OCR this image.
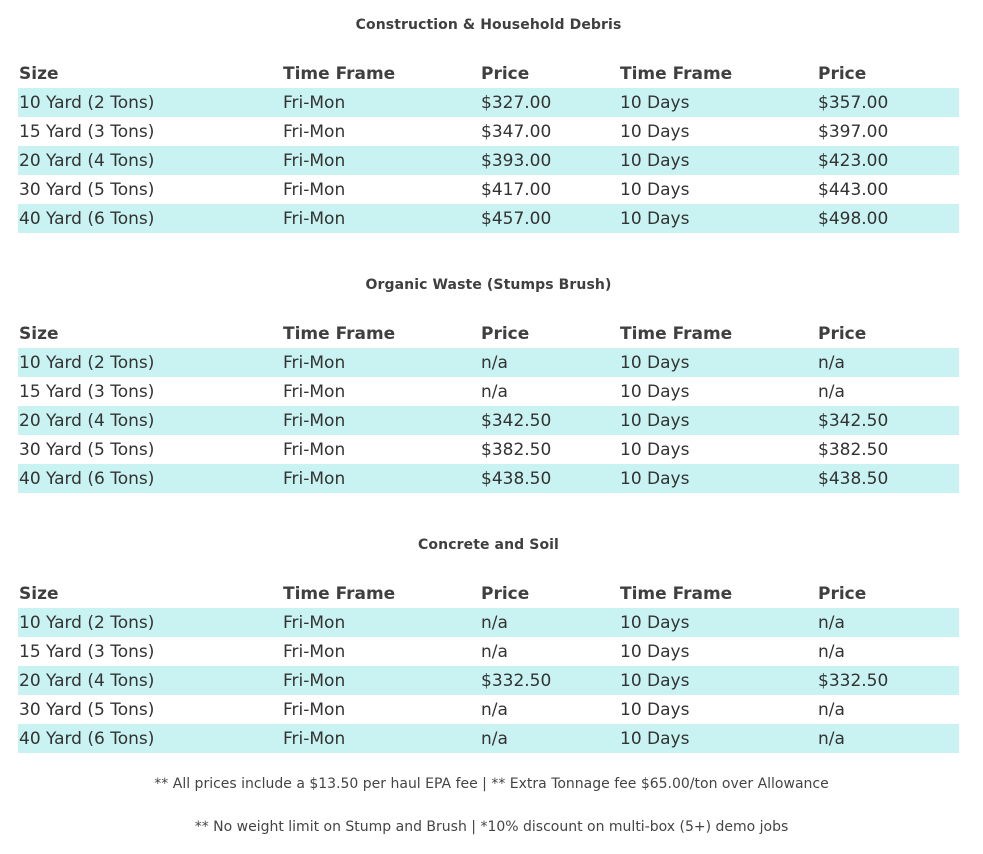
Construction & Household Debris
Size	Time Frame	Price	Time Frame	Price
10 Yard (2 Tons)	Fri-Mon	$327.00	10 Days	$357.00
15 Yard (3 Tons)	Fri-Mon	$347.00	10 Days	$397.00
20 Yard (4 Tons)	Fri-Mon	$393.00	10 Days	$423.00
30 Yard (5 Tons)	Fri-Mon	$417.00	10 Days	$443.00
40 Yard (6 Tons)	Fri-Mon	$457.00	10 Days	$498.00
Organic Waste (Stumps Brush)
Size	Time Frame	Price	Time Frame	Price
10 Yard (2 Tons)	Fri-Mon	n/a	10 Days	n/a
15 Yard (3 Tons)	Fri-Mon	n/a	10 Days	n/a
20 Yard (4 Tons)	Fri-Mon	$342.50	10 Days	$342.50
30 Yard (5 Tons)	Fri-Mon	$382.50	10 Days	$382.50
40 Yard (6 Tons)	Fri-Mon	$438.50	10 Days	$438.50
Concrete and Soil
Size	Time Frame	Price	Time Frame	Price
10 Yard (2 Tons)	Fri-Mon	n/a	10 Days	n/a
15 Yard (3 Tons)	Fri-Mon	n/a	10 Days	n/a
20 Yard (4 Tons)	Fri-Mon	$332.50	10 Days	$332.50
30 Yard (5 Tons)	Fri-Mon	n/a	10 Days	n/a
40 Yard (6 Tons)	Fri-Mon	n/a	10 Days	n/a
** All prices include a $13.50 per haul EPA fee | ** Extra Tonnage fee $65.00/ton over Allowance
** No weight limit on Stump and Brush | *10% discount on multi-box (5+) demo jobs
